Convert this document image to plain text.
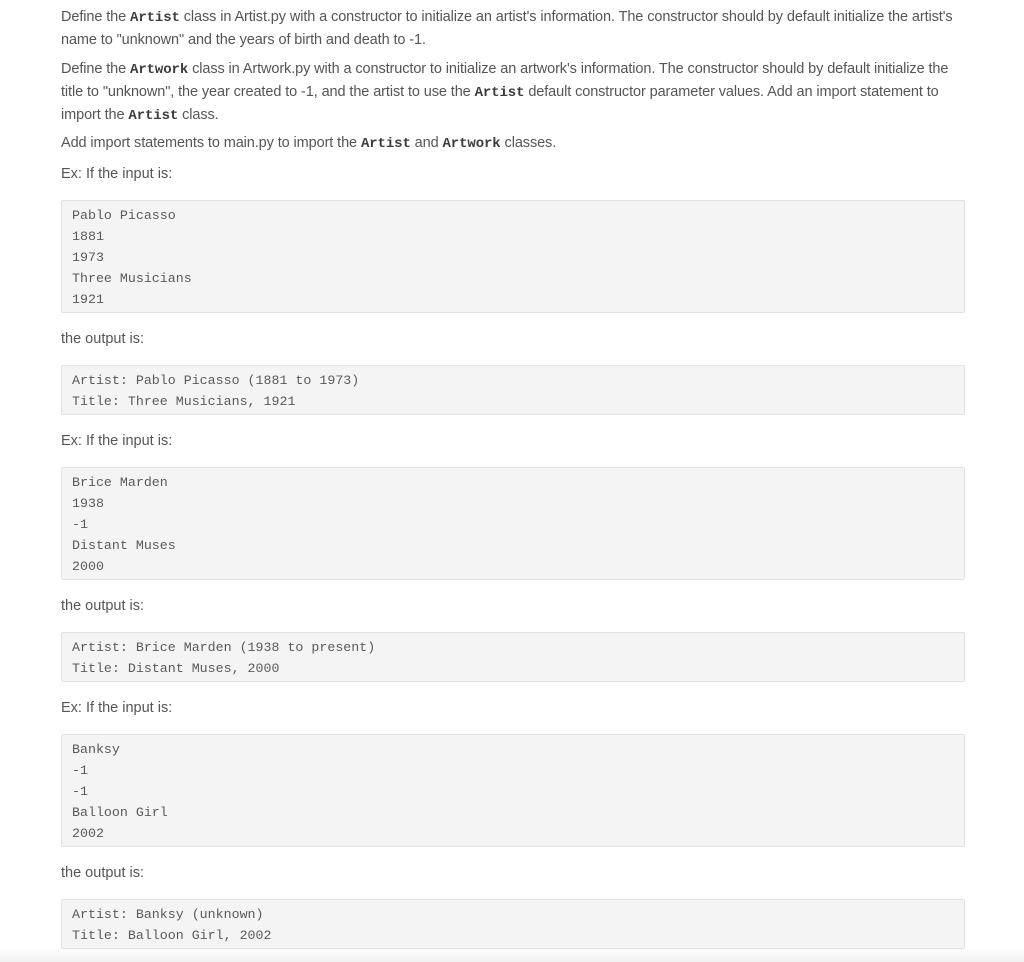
Define the Artist class in Artist.py with a constructor to initialize an artist's information. The constructor should by default initialize the artist's name to "unknown" and the years of birth and death to -1.

Define the Artwork class in Artwork.py with a constructor to initialize an artwork's information. The constructor should by default initialize the title to "unknown", the year created to -1, and the artist to use the Artist default constructor parameter values. Add an import statement to import the Artist class.

Add import statements to main.py to import the Artist and Artwork classes.

Ex: If the input is:

Pablo Picasso
1881
1973
Three Musicians
1921

the output is:

Artist: Pablo Picasso (1881 to 1973)
Title: Three Musicians, 1921

Ex: If the input is:

Brice Marden
1938
-1
Distant Muses
2000

the output is:

Artist: Brice Marden (1938 to present)
Title: Distant Muses, 2000

Ex: If the input is:

Banksy
-1
-1
Balloon Girl
2002

the output is:

Artist: Banksy (unknown)
Title: Balloon Girl, 2002
